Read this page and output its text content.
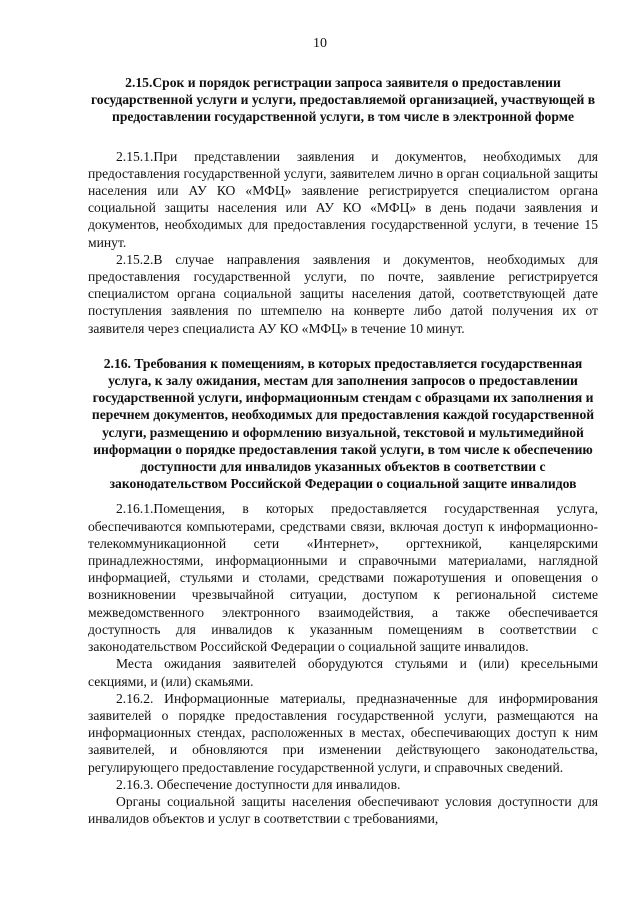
10

2.15.Срок и порядок регистрации запроса заявителя о предоставлении государственной услуги и услуги, предоставляемой организацией, участвующей в предоставлении государственной услуги, в том числе в электронной форме

2.15.1.При представлении заявления и документов, необходимых для предоставления государственной услуги, заявителем лично в орган социальной защиты населения или АУ КО «МФЦ» заявление регистрируется специалистом органа социальной защиты населения или АУ КО «МФЦ» в день подачи заявления и документов, необходимых для предоставления государственной услуги, в течение 15 минут.

2.15.2.В случае направления заявления и документов, необходимых для предоставления государственной услуги, по почте, заявление регистрируется специалистом органа социальной защиты населения датой, соответствующей дате поступления заявления по штемпелю на конверте либо датой получения их от заявителя через специалиста АУ КО «МФЦ» в течение 10 минут.

2.16. Требования к помещениям, в которых предоставляется государственная услуга, к залу ожидания, местам для заполнения запросов о предоставлении государственной услуги, информационным стендам с образцами их заполнения и перечнем документов, необходимых для предоставления каждой государственной услуги, размещению и оформлению визуальной, текстовой и мультимедийной информации о порядке предоставления такой услуги, в том числе к обеспечению доступности для инвалидов указанных объектов в соответствии с законодательством Российской Федерации о социальной защите инвалидов

2.16.1.Помещения, в которых предоставляется государственная услуга, обеспечиваются компьютерами, средствами связи, включая доступ к информационно-телекоммуникационной сети «Интернет», оргтехникой, канцелярскими принадлежностями, информационными и справочными материалами, наглядной информацией, стульями и столами, средствами пожаротушения и оповещения о возникновении чрезвычайной ситуации, доступом к региональной системе межведомственного электронного взаимодействия, а также обеспечивается доступность для инвалидов к указанным помещениям в соответствии с законодательством Российской Федерации о социальной защите инвалидов.

Места ожидания заявителей оборудуются стульями и (или) кресельными секциями, и (или) скамьями.

2.16.2. Информационные материалы, предназначенные для информирования заявителей о порядке предоставления государственной услуги, размещаются на информационных стендах, расположенных в местах, обеспечивающих доступ к ним заявителей, и обновляются при изменении действующего законодательства, регулирующего предоставление государственной услуги, и справочных сведений.

2.16.3. Обеспечение доступности для инвалидов.

Органы социальной защиты населения обеспечивают условия доступности для инвалидов объектов и услуг в соответствии с требованиями,
